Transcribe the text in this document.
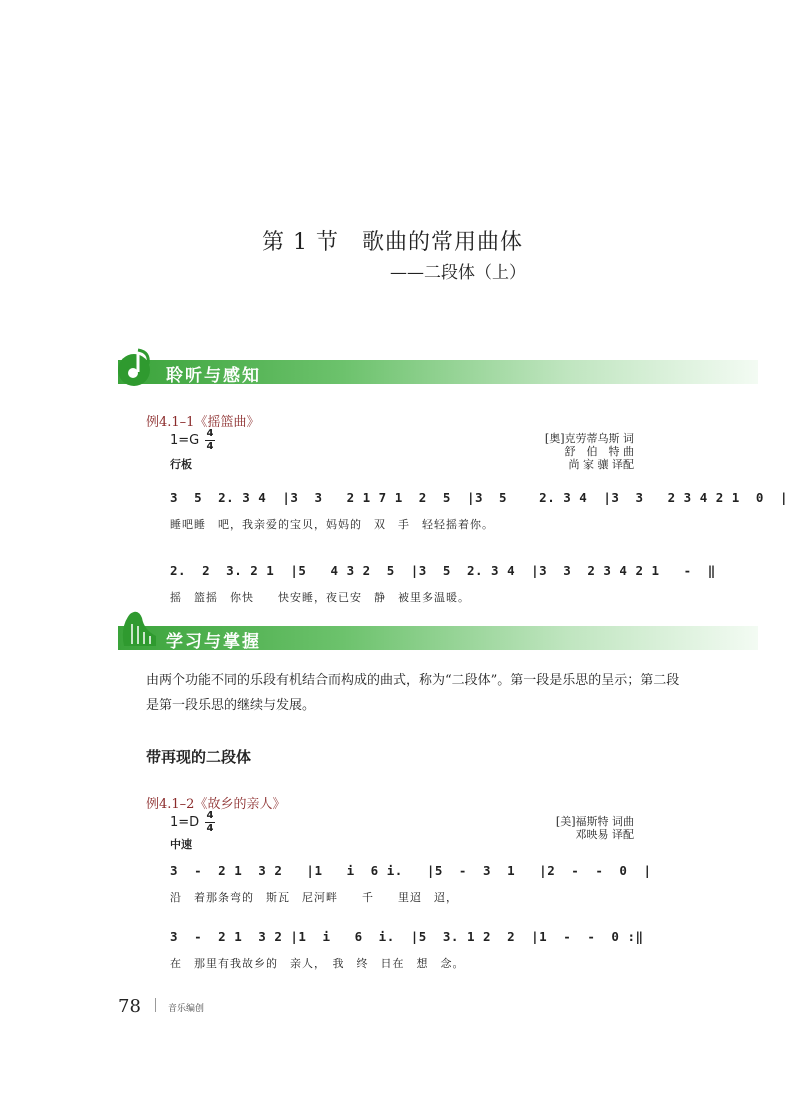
第 1 节　歌曲的常用曲体
——二段体（上）
聆听与感知
例4.1–1《摇篮曲》
1=G 4
4
行板
[奥]克劳蒂乌斯 词
舒　伯　特 曲
尚 家 骧 译配
3  5  2. 3 4  |3  3   2 1 7 1  2  5  |3  5    2. 3 4  |3  3   2 3 4 2 1  0  |
睡吧睡　吧，我亲爱的宝贝，妈妈的　双　手　轻轻摇着你。
2.  2  3. 2 1  |5   4 3 2  5  |3  5  2. 3 4  |3  3  2 3 4 2 1   -  ‖
摇　篮摇　你快　　快安睡，夜已安　静　被里多温暖。
学习与掌握
由两个功能不同的乐段有机结合而构成的曲式，称为“二段体”。第一段是乐思的呈示；第二段是第一段乐思的继续与发展。
带再现的二段体
例4.1–2《故乡的亲人》
1=D 4
4
中速
[美]福斯特 词曲
邓映易 译配
3  -  2 1  3 2   |1   i  6 i.   |5  -  3  1   |2  -  -  0  |
沿　着那条弯的　斯瓦　尼河畔　　千　　里迢　迢，
3  -  2 1  3 2 |1  i   6  i.  |5  3. 1 2  2  |1  -  -  0 :‖
在　那里有我故乡的　亲人，　我　终　日在　想　念。
78	音乐编创
